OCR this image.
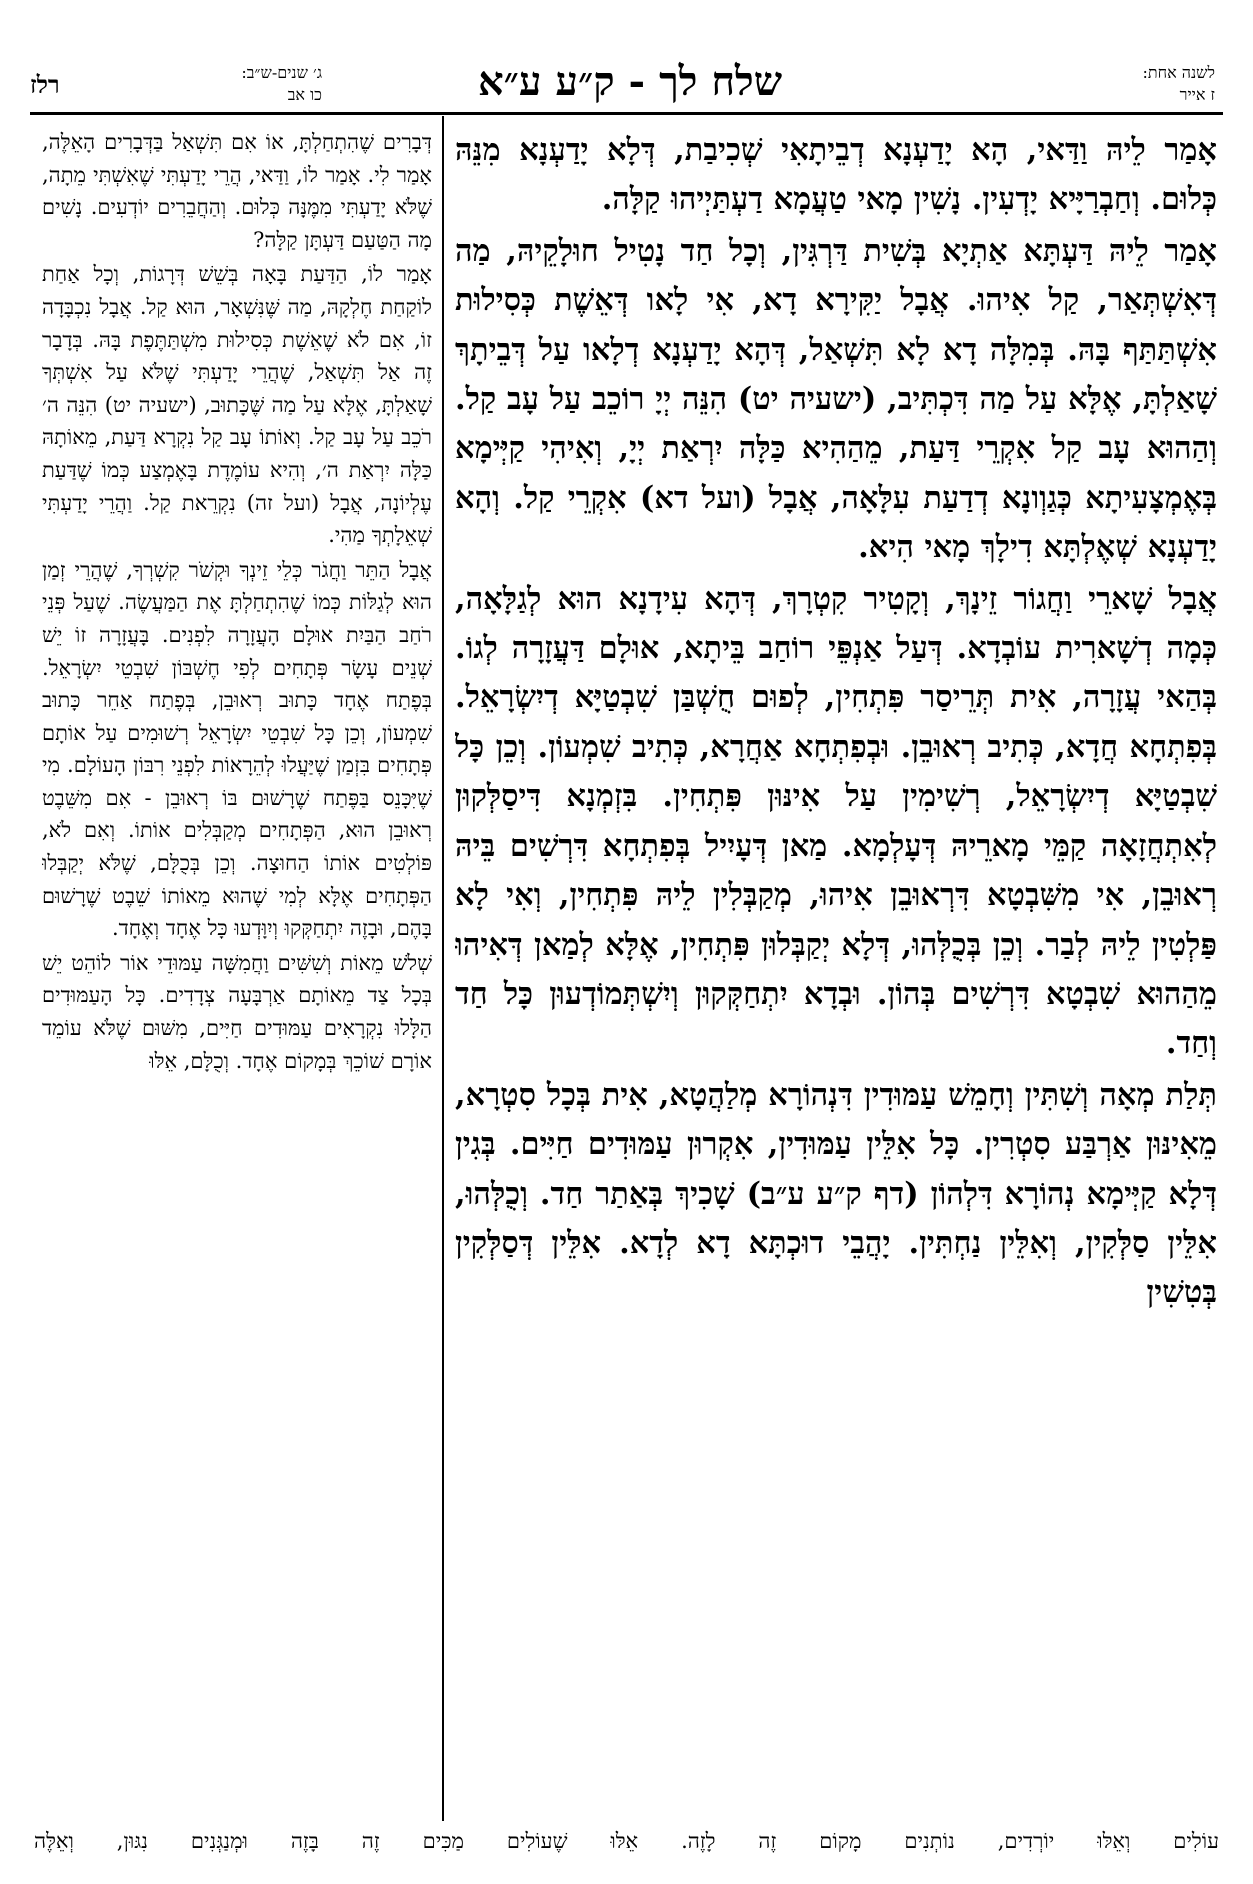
לשנה אחת:
ז אייר
שלח לך - ק״ע ע״א
ג׳ שנים-ש״ב:
כו אב
רלז

אָמַר לֵיהּ וַדַּאי, הָא יָדַעְנָא דְבֵיתָאִי שְׁכִיבַת, דְּלָא יָדַעְנָא מִנֵּהּ כְּלוּם. וְחַבְרַיָּיא יָדְעִין. נָשִׁין מָאי טַעֲמָא דַעְתַּיְיהוּ קַלָּה.

אָמַר לֵיהּ דַּעְתָּא אַתְיָא בְּשִׁית דַּרְגִּין, וְכָל חַד נָטִיל חוּלָקֵיהּ, מַה דְּאִשְׁתְּאַר, קַל אִיהוּ. אֲבָל יַקִּירָא דָא, אִי לָאו דְּאֵשֶׁת כְּסִילוּת אִשְׁתַּתַּף בָּהּ. בְּמִלָּה דָא לָא תִּשְׁאַל, דְּהָא יָדַעְנָא דְלָאו עַל דְּבֵיתָךְ שָׁאַלְתָּ, אֶלָּא עַל מַה דִּכְתִּיב, (ישעיה יט) הִנֵּה יְיָ רוֹכֵב עַל עָב קַל. וְהַהוּא עָב קַל אִקְרֵי דַּעַת, מֵהַהִיא כַּלָּה יִרְאַת יְיָ, וְאִיהִי קַיְּימָא בְּאֶמְצָעִיתָא כְּגַוְונָא דְדַעַת עִלָּאָה, אֲבָל (ועל דא) אִקְרֵי קַל. וְהָא יָדַעְנָא שְׁאֶלְתָּא דִילָךְ מָאי הִיא.

אֲבָל שָׁארֵי וַחֲגוֹר זֵינָךְ, וְקָטִיר קִטְרָךְ, דְּהָא עִידָנָא הוּא לְגַלָּאָה, כְּמָה דְשָׁארִית עוֹבְדָא. דְּעַל אַנְפֵּי רוֹחַב בֵּיתָא, אוּלָם דַּעֲזָרָה לְגוֹ. בְּהַאי עֲזָרָה, אִית תְּרֵיסַר פִּתְחִין, לְפוּם חֻשְׁבַּן שִׁבְטַיָּא דְיִשְׂרָאֵל. בְּפִתְחָא חֲדָא, כְּתִיב רְאוּבֵן. וּבְפִתְחָא אַחֲרָא, כְּתִיב שִׁמְעוֹן. וְכֵן כָּל שִׁבְטַיָּא דְיִשְׂרָאֵל, רְשִׁימִין עַל אִינּוּן פִּתְחִין. בִּזְמְנָא דִּיסַלְּקוּן לְאִתְחֲזָאָה קַמֵּי מָארֵיהּ דְּעָלְמָא. מַאן דְּעָיִיל בְּפִתְחָא דִּרְשִׁים בֵּיהּ רְאוּבֵן, אִי מִשִּׁבְטָא דִּרְאוּבֵן אִיהוּ, מְקַבְּלִין לֵיהּ פִּתְחִין, וְאִי לָא פַּלְטִין לֵיהּ לְבַר. וְכֵן בְּכֻלְּהוּ, דְּלָא יְקַבְּלוּן פִּתְחִין, אֶלָּא לְמַאן דְּאִיהוּ מֵהַהוּא שִׁבְטָא דִּרְשִׁים בְּהוֹן. וּבְדָא יִתְחַקְּקוּן וְיִשְׁתְּמוֹדְעוּן כָּל חַד וְחַד.

תְּלַת מְאָה וְשִׁתִּין וְחָמֵשׁ עַמּוּדִין דִּנְהוֹרָא מְלַהֲטָא, אִית בְּכָל סִטְרָא, מֵאִינּוּן אַרְבַּע סִטְרִין. כָּל אִלֵּין עַמּוּדִין, אִקְרוּן עַמּוּדִים חַיִּים. בְּגִין דְּלָא קַיְּימָא נְהוֹרָא דִּלְהוֹן (דף ק״ע ע״ב) שָׁכִיךְ בְּאַתַר חַד. וְכֻלְּהוּ, אִלֵּין סַלְּקִין, וְאִלֵּין נַחְתִּין. יָהֲבֵי דוּכְתָּא דָא לְדָא. אִלֵּין דְּסַלְּקִין בְּטִשִׁין

דְּבָרִים שֶׁהִתְחַלְתָּ, אוֹ אִם תִּשְׁאַל בַּדְּבָרִים הָאֵלֶּה, אָמַר לִי. אָמַר לוֹ, וַדַּאי, הֲרֵי יָדַעְתִּי שֶׁאִשְׁתִּי מֵתָה, שֶׁלֹּא יָדַעְתִּי מִמֶּנָּה כְּלוּם. וְהַחֲבֵרִים יוֹדְעִים. נָשִׁים מָה הַטַּעַם דַּעְתָּן קַלָּה?

אָמַר לוֹ, הַדַּעַת בָּאָה בְּשֵׁשׁ דְּרָגוֹת, וְכָל אַחַת לוֹקַחַת חֶלְקָהּ, מַה שֶּׁנִּשְׁאָר, הוּא קַל. אֲבָל נִכְבָּדָה זוֹ, אִם לֹא שֶׁאֵשֶׁת כְּסִילוּת מִשְׁתַּתֶּפֶת בָּהּ. בְּדָבָר זֶה אַל תִּשְׁאַל, שֶׁהֲרֵי יָדַעְתִּי שֶׁלֹּא עַל אִשְׁתְּךָ שָׁאַלְתָּ, אֶלָּא עַל מַה שֶּׁכָּתוּב, (ישעיה יט) הִנֵּה ה׳ רֹכֵב עַל עָב קַל. וְאוֹתוֹ עָב קַל נִקְרָא דַּעַת, מֵאוֹתָהּ כַּלָּה יִרְאַת ה׳, וְהִיא עוֹמֶדֶת בָּאֶמְצַע כְּמוֹ שֶׁדַּעַת עֶלְיוֹנָה, אֲבָל (ועל זה) נִקְרֵאת קַל. וַהֲרֵי יָדַעְתִּי שְׁאֵלָתְךָ מַהִי.

אֲבָל הַתֵּר וַחֲגֹר כְּלֵי זֵינְךָ וּקְשֹׁר קִשְׁרְךָ, שֶׁהֲרֵי זְמַן הוּא לְגַלּוֹת כְּמוֹ שֶׁהִתְחַלְתָּ אֶת הַמַּעֲשֶׂה. שֶׁעַל פְּנֵי רֹחַב הַבַּיִת אוּלָם הָעֲזָרָה לִפְנִים. בָּעֲזָרָה זוֹ יֵשׁ שְׁנֵים עָשָׂר פְּתָחִים לְפִי חֶשְׁבּוֹן שִׁבְטֵי יִשְׂרָאֵל. בְּפֶתַח אֶחָד כָּתוּב רְאוּבֵן, בְּפֶתַח אַחֵר כָּתוּב שִׁמְעוֹן, וְכֵן כָּל שִׁבְטֵי יִשְׂרָאֵל רְשׁוּמִים עַל אוֹתָם פְּתָחִים בִּזְמַן שֶׁיַּעֲלוּ לְהֵרָאוֹת לִפְנֵי רִבּוֹן הָעוֹלָם. מִי שֶׁיִּכָּנֵס בַּפֶּתַח שֶׁרָשׁוּם בּוֹ רְאוּבֵן - אִם מִשֵּׁבֶט רְאוּבֵן הוּא, הַפְּתָחִים מְקַבְּלִים אוֹתוֹ. וְאִם לֹא, פּוֹלְטִים אוֹתוֹ הַחוּצָה. וְכֵן בְּכֻלָּם, שֶׁלֹּא יְקַבְּלוּ הַפְּתָחִים אֶלָּא לְמִי שֶׁהוּא מֵאוֹתוֹ שֵׁבֶט שֶׁרָשׁוּם בָּהֶם, וּבָזֶה יִתְחַקְּקוּ וְיִוָּדְעוּ כָּל אֶחָד וְאֶחָד.

שְׁלֹשׁ מֵאוֹת וְשִׁשִּׁים וַחֲמִשָּׁה עַמּוּדֵי אוֹר לוֹהֵט יֵשׁ בְּכָל צַד מֵאוֹתָם אַרְבָּעָה צְדָדִים. כָּל הָעַמּוּדִים הַלָּלוּ נִקְרָאִים עַמּוּדִים חַיִּים, מִשּׁוּם שֶׁלֹּא עוֹמֵד אוֹרָם שׁוֹכֵךְ בְּמָקוֹם אֶחָד. וְכֻלָּם, אֵלּוּ

עוֹלִים וְאֵלּוּ יוֹרְדִים, נוֹתְנִים מָקוֹם זֶה לָזֶה. אֵלּוּ שֶׁעוֹלִים מַכִּים זֶה בָּזֶה וּמְנַגְּנִים נִגּוּן, וְאֵלֶּה
